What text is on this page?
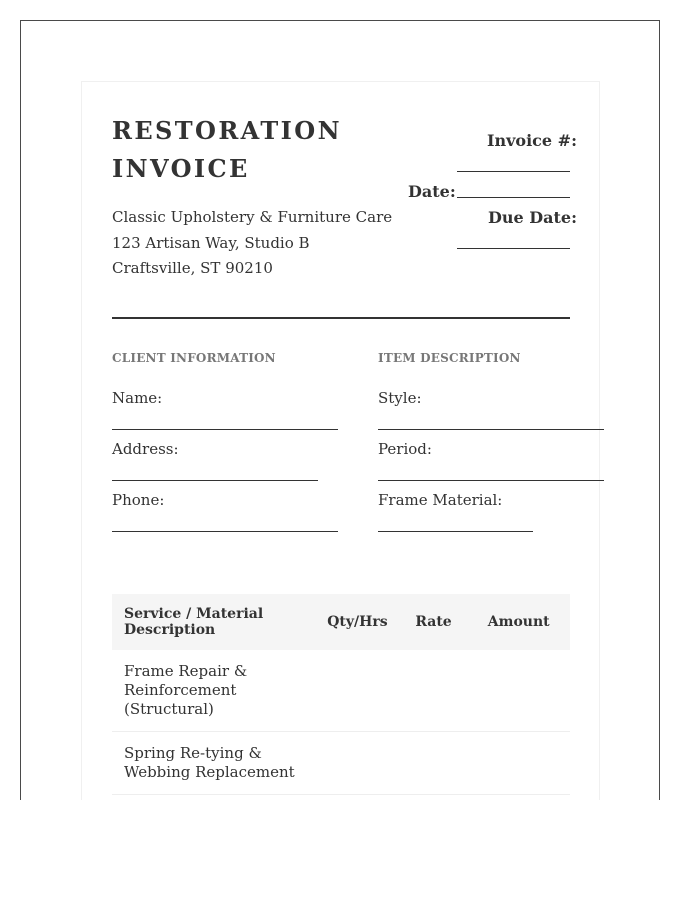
RESTORATION INVOICE
Classic Upholstery & Furniture Care
123 Artisan Way, Studio B
Craftsville, ST 90210
Invoice #:
Date:
Due Date:
CLIENT INFORMATION
Name:
Address:
Phone:
ITEM DESCRIPTION
Style:
Period:
Frame Material:
Service / Material Description	Qty/Hrs	Rate	Amount
Frame Repair & Reinforcement (Structural)			
Spring Re-tying & Webbing Replacement			
